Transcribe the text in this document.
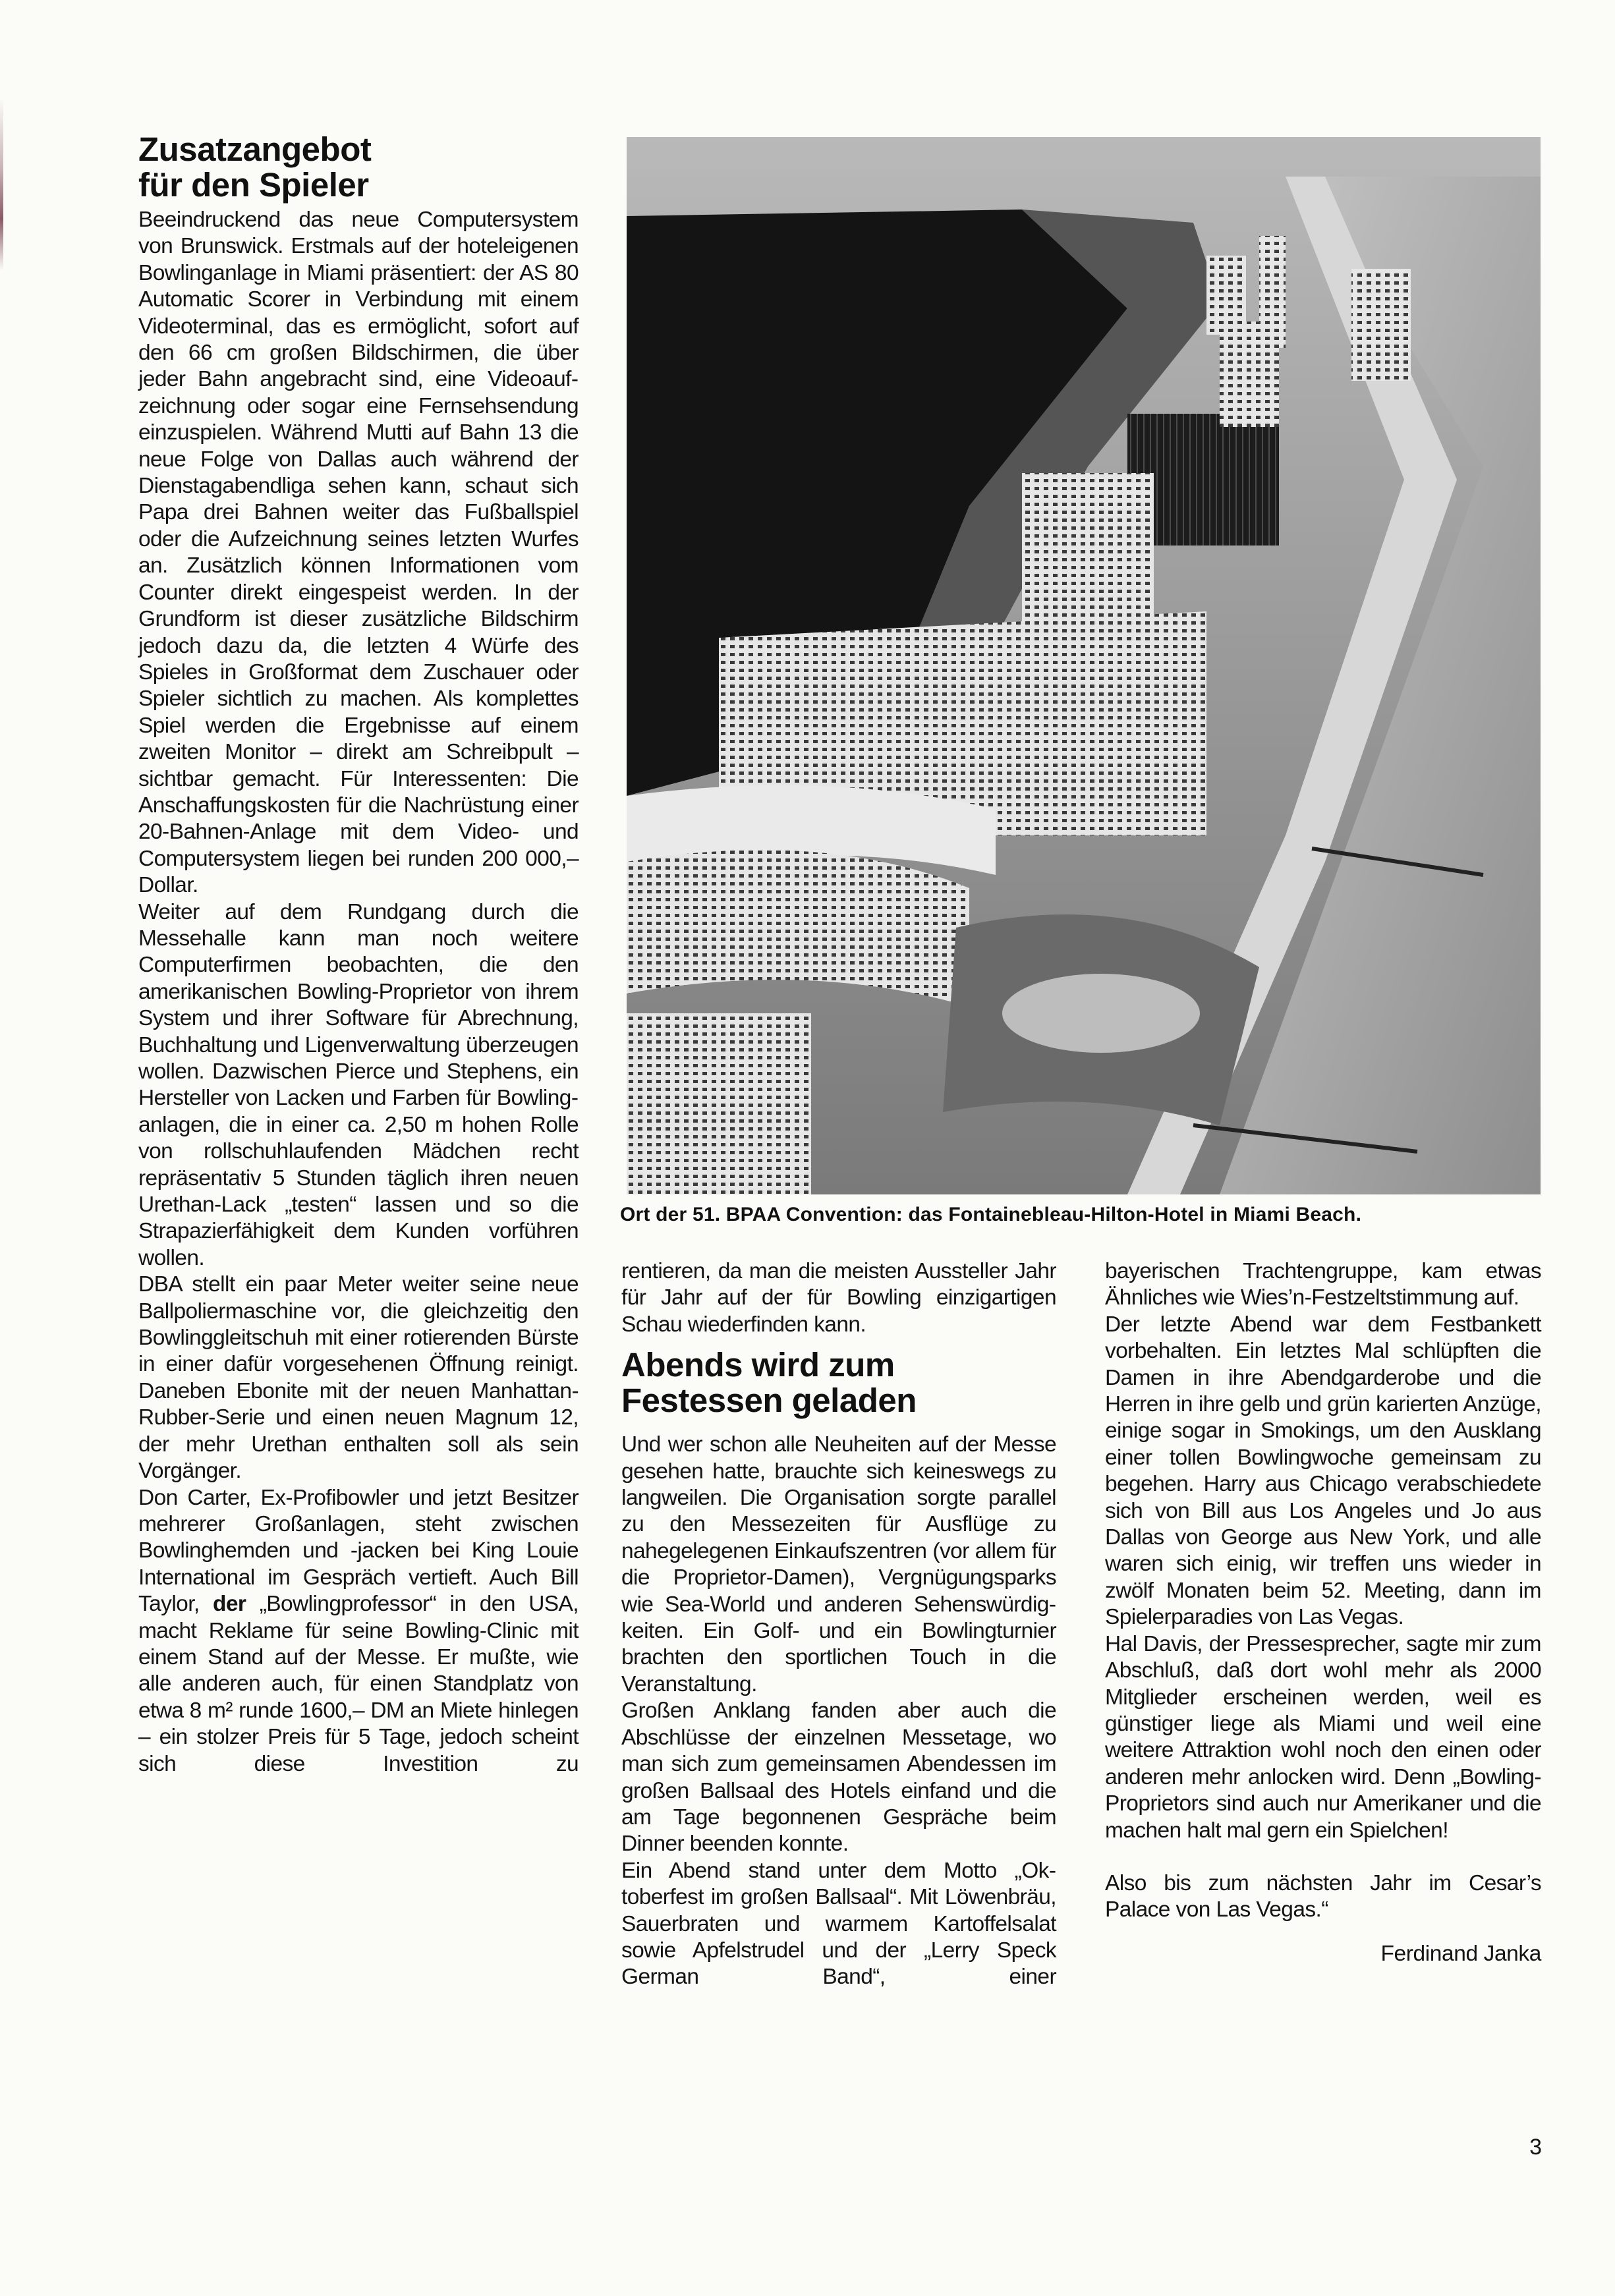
Zusatzangebot
für den Spieler

Beeindruckend das neue Computersystem von Brunswick. Erstmals auf der hoteleigenen Bowlinganlage in Miami präsentiert: der AS 80 Automatic Scorer in Verbindung mit einem Videoterminal, das es ermöglicht, sofort auf den 66 cm großen Bildschirmen, die über jeder Bahn angebracht sind, eine Videoaufzeichnung oder sogar eine Fernsehsendung einzuspielen. Während Mutti auf Bahn 13 die neue Folge von Dallas auch während der Dienstagabendliga sehen kann, schaut sich Papa drei Bahnen weiter das Fußballspiel oder die Aufzeichnung seines letzten Wurfes an. Zusätzlich können Informationen vom Counter direkt eingespeist werden. In der Grundform ist dieser zusätzliche Bildschirm jedoch dazu da, die letzten 4 Würfe des Spieles in Großformat dem Zuschauer oder Spieler sichtlich zu machen. Als komplettes Spiel werden die Ergebnisse auf einem zweiten Monitor – direkt am Schreibpult – sichtbar gemacht. Für Interessenten: Die Anschaffungskosten für die Nachrüstung einer 20-Bahnen-Anlage mit dem Video- und Computersystem liegen bei runden 200 000,– Dollar.

Weiter auf dem Rundgang durch die Messehalle kann man noch weitere Computerfirmen beobachten, die den amerikanischen Bowling-Proprietor von ihrem System und ihrer Software für Abrechnung, Buchhaltung und Ligenverwaltung überzeugen wollen. Dazwischen Pierce und Stephens, ein Hersteller von Lacken und Farben für Bowlinganlagen, die in einer ca. 2,50 m hohen Rolle von rollschuhlaufenden Mädchen recht repräsentativ 5 Stunden täglich ihren neuen Urethan-Lack „testen“ lassen und so die Strapazierfähigkeit dem Kunden vorführen wollen.

DBA stellt ein paar Meter weiter seine neue Ballpoliermaschine vor, die gleichzeitig den Bowlinggleitschuh mit einer rotierenden Bürste in einer dafür vorgesehenen Öffnung reinigt. Daneben Ebonite mit der neuen Manhattan-Rubber-Serie und einen neuen Magnum 12, der mehr Urethan enthalten soll als sein Vorgänger.

Don Carter, Ex-Profibowler und jetzt Besitzer mehrerer Großanlagen, steht zwischen Bowlinghemden und -jacken bei King Louie International im Gespräch vertieft. Auch Bill Taylor, der „Bowlingprofessor“ in den USA, macht Reklame für seine Bowling-Clinic mit einem Stand auf der Messe. Er mußte, wie alle anderen auch, für einen Standplatz von etwa 8 m² runde 1600,– DM an Miete hinlegen – ein stolzer Preis für 5 Tage, jedoch scheint sich diese Investition zu

Ort der 51. BPAA Convention: das Fontainebleau-Hilton-Hotel in Miami Beach.

rentieren, da man die meisten Aussteller Jahr für Jahr auf der für Bowling einzigartigen Schau wiederfinden kann.

Abends wird zum
Festessen geladen

Und wer schon alle Neuheiten auf der Messe gesehen hatte, brauchte sich keineswegs zu langweilen. Die Organisation sorgte parallel zu den Messezeiten für Ausflüge zu nahegelegenen Einkaufszentren (vor allem für die Proprietor-Damen), Vergnügungsparks wie Sea-World und anderen Sehenswürdigkeiten. Ein Golf- und ein Bowlingturnier brachten den sportlichen Touch in die Veranstaltung.

Großen Anklang fanden aber auch die Abschlüsse der einzelnen Messetage, wo man sich zum gemeinsamen Abendessen im großen Ballsaal des Hotels einfand und die am Tage begonnenen Gespräche beim Dinner beenden konnte.

Ein Abend stand unter dem Motto „Oktoberfest im großen Ballsaal“. Mit Löwenbräu, Sauerbraten und warmem Kartoffelsalat sowie Apfelstrudel und der „Lerry Speck German Band“, einer

bayerischen Trachtengruppe, kam etwas Ähnliches wie Wies’n-Festzeltstimmung auf.

Der letzte Abend war dem Festbankett vorbehalten. Ein letztes Mal schlüpften die Damen in ihre Abendgarderobe und die Herren in ihre gelb und grün karierten Anzüge, einige sogar in Smokings, um den Ausklang einer tollen Bowlingwoche gemeinsam zu begehen. Harry aus Chicago verabschiedete sich von Bill aus Los Angeles und Jo aus Dallas von George aus New York, und alle waren sich einig, wir treffen uns wieder in zwölf Monaten beim 52. Meeting, dann im Spielerparadies von Las Vegas.

Hal Davis, der Pressesprecher, sagte mir zum Abschluß, daß dort wohl mehr als 2000 Mitglieder erscheinen werden, weil es günstiger liege als Miami und weil eine weitere Attraktion wohl noch den einen oder anderen mehr anlocken wird. Denn „Bowling-Proprietors sind auch nur Amerikaner und die machen halt mal gern ein Spielchen!

Also bis zum nächsten Jahr im Cesar’s Palace von Las Vegas.“

Ferdinand Janka

3
